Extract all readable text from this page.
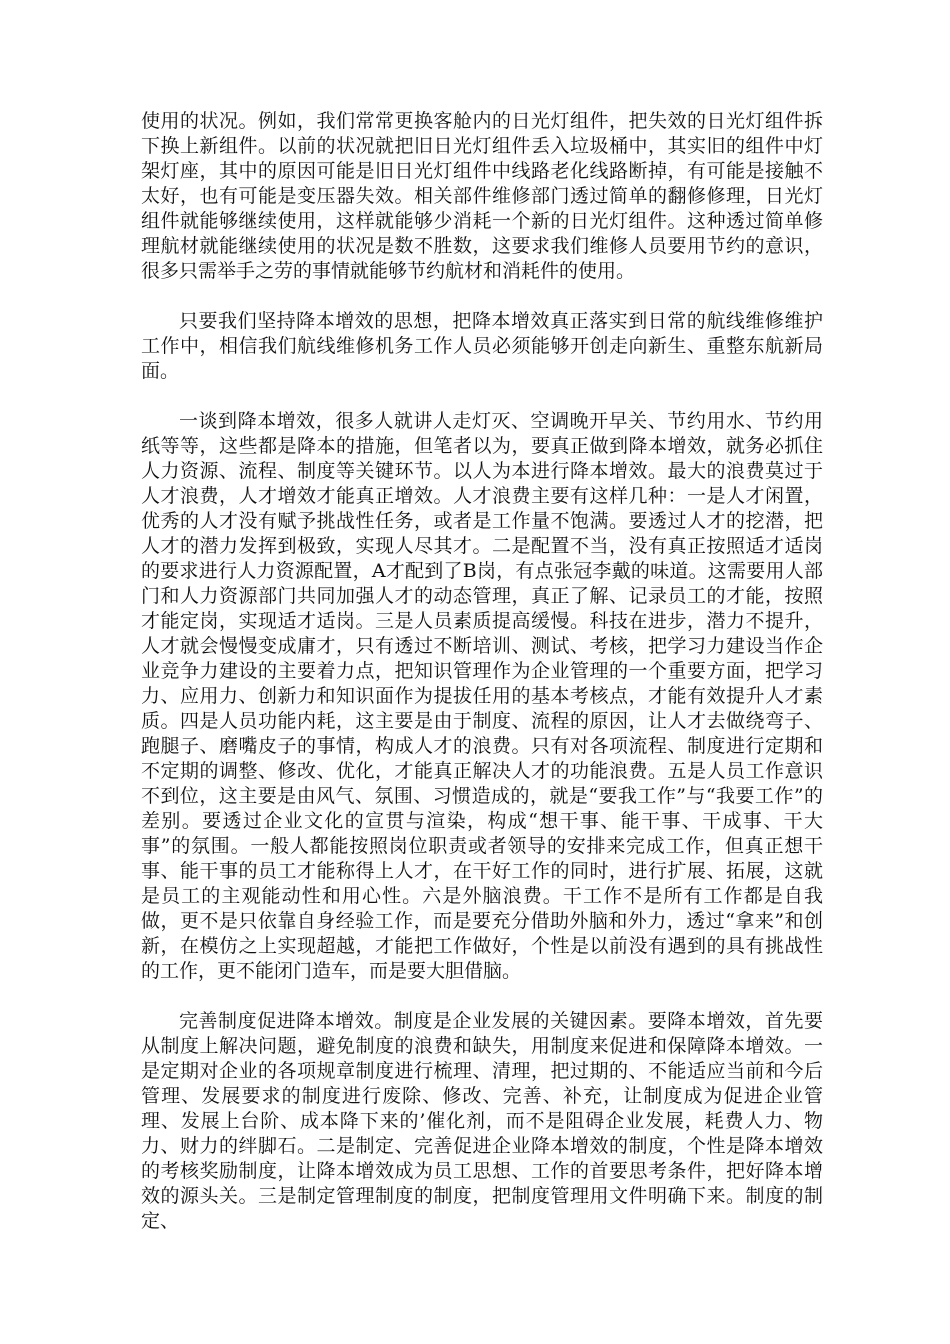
使用的状况。例如，我们常常更换客舱内的日光灯组件，把失效的日光灯组件拆下换上新组件。以前的状况就把旧日光灯组件丢入垃圾桶中，其实旧的组件中灯架灯座，其中的原因可能是旧日光灯组件中线路老化线路断掉，有可能是接触不太好，也有可能是变压器失效。相关部件维修部门透过简单的翻修修理，日光灯组件就能够继续使用，这样就能够少消耗一个新的日光灯组件。这种透过简单修理航材就能继续使用的状况是数不胜数，这要求我们维修人员要用节约的意识，很多只需举手之劳的事情就能够节约航材和消耗件的使用。

只要我们坚持降本增效的思想，把降本增效真正落实到日常的航线维修维护工作中，相信我们航线维修机务工作人员必须能够开创走向新生、重整东航新局面。

一谈到降本增效，很多人就讲人走灯灭、空调晚开早关、节约用水、节约用纸等等，这些都是降本的措施，但笔者以为，要真正做到降本增效，就务必抓住人力资源、流程、制度等关键环节。以人为本进行降本增效。最大的浪费莫过于人才浪费，人才增效才能真正增效。人才浪费主要有这样几种：一是人才闲置，优秀的人才没有赋予挑战性任务，或者是工作量不饱满。要透过人才的挖潜，把人才的潜力发挥到极致，实现人尽其才。二是配置不当，没有真正按照适才适岗的要求进行人力资源配置，A才配到了B岗，有点张冠李戴的味道。这需要用人部门和人力资源部门共同加强人才的动态管理，真正了解、记录员工的才能，按照才能定岗，实现适才适岗。三是人员素质提高缓慢。科技在进步，潜力不提升，人才就会慢慢变成庸才，只有透过不断培训、测试、考核，把学习力建设当作企业竞争力建设的主要着力点，把知识管理作为企业管理的一个重要方面，把学习力、应用力、创新力和知识面作为提拔任用的基本考核点，才能有效提升人才素质。四是人员功能内耗，这主要是由于制度、流程的原因，让人才去做绕弯子、跑腿子、磨嘴皮子的事情，构成人才的浪费。只有对各项流程、制度进行定期和不定期的调整、修改、优化，才能真正解决人才的功能浪费。五是人员工作意识不到位，这主要是由风气、氛围、习惯造成的，就是“要我工作”与“我要工作”的差别。要透过企业文化的宣贯与渲染，构成“想干事、能干事、干成事、干大事”的氛围。一般人都能按照岗位职责或者领导的安排来完成工作，但真正想干事、能干事的员工才能称得上人才，在干好工作的同时，进行扩展、拓展，这就是员工的主观能动性和用心性。六是外脑浪费。干工作不是所有工作都是自我做，更不是只依靠自身经验工作，而是要充分借助外脑和外力，透过“拿来”和创新，在模仿之上实现超越，才能把工作做好，个性是以前没有遇到的具有挑战性的工作，更不能闭门造车，而是要大胆借脑。

完善制度促进降本增效。制度是企业发展的关键因素。要降本增效，首先要从制度上解决问题，避免制度的浪费和缺失，用制度来促进和保障降本增效。一是定期对企业的各项规章制度进行梳理、清理，把过期的、不能适应当前和今后管理、发展要求的制度进行废除、修改、完善、补充，让制度成为促进企业管理、发展上台阶、成本降下来的’催化剂，而不是阻碍企业发展，耗费人力、物力、财力的绊脚石。二是制定、完善促进企业降本增效的制度，个性是降本增效的考核奖励制度，让降本增效成为员工思想、工作的首要思考条件，把好降本增效的源头关。三是制定管理制度的制度，把制度管理用文件明确下来。制度的制定、
